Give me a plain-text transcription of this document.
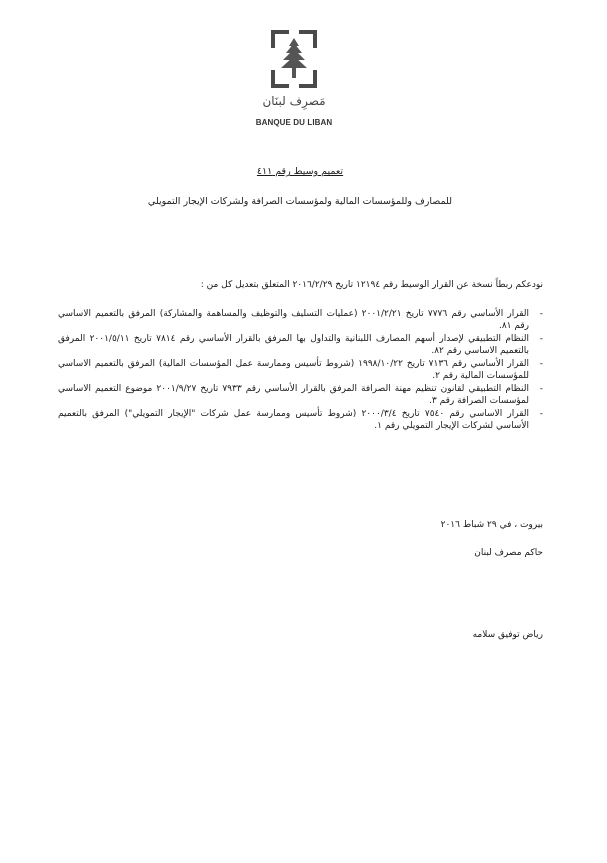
مَصرِف لبنَان
BANQUE DU LIBAN
تعميم وسيط رقم ٤١١
للمصارف وللمؤسسات المالية ولمؤسسات الصرافة ولشركات الإيجار التمويلي
نودعكم ربطاً نسخة عن القرار الوسيط رقم ١٢١٩٤ تاريخ ٢٠١٦/٢/٢٩ المتعلق بتعديل كل من :
-
القرار الأساسي رقم ٧٧٧٦ تاريخ ٢٠٠١/٢/٢١ (عمليات التسليف والتوظيف والمساهمة والمشاركة) المرفق بالتعميم الاساسي رقم ٨١.
-
النظام التطبيقي لإصدار أسهم المصارف اللبنانية والتداول بها المرفق بالقرار الأساسي رقم ٧٨١٤ تاريخ ٢٠٠١/٥/١١ المرفق بالتعميم الاساسي رقم ٨٢.
-
القرار الأساسي رقم ٧١٣٦ تاريخ ١٩٩٨/١٠/٢٢ (شروط تأسيس وممارسة عمل المؤسسات المالية) المرفق بالتعميم الاساسي للمؤسسات المالية رقم ٢.
-
النظام التطبيقي لقانون تنظيم مهنة الصرافة المرفق بالقرار الأساسي رقم ٧٩٣٣ تاريخ ٢٠٠١/٩/٢٧ موضوع التعميم الاساسي لمؤسسات الصرافة رقم ٣.
-
القرار الاساسي رقم ٧٥٤٠ تاريخ ٢٠٠٠/٣/٤ (شروط تأسيس وممارسة عمل شركات "الإيجار التمويلي") المرفق بالتعميم الأساسي لشركات الإيجار التمويلي رقم ١.
بيروت ، في ٢٩ شباط ٢٠١٦
حاكم مصرف لبنان
رياض توفيق سلامه
